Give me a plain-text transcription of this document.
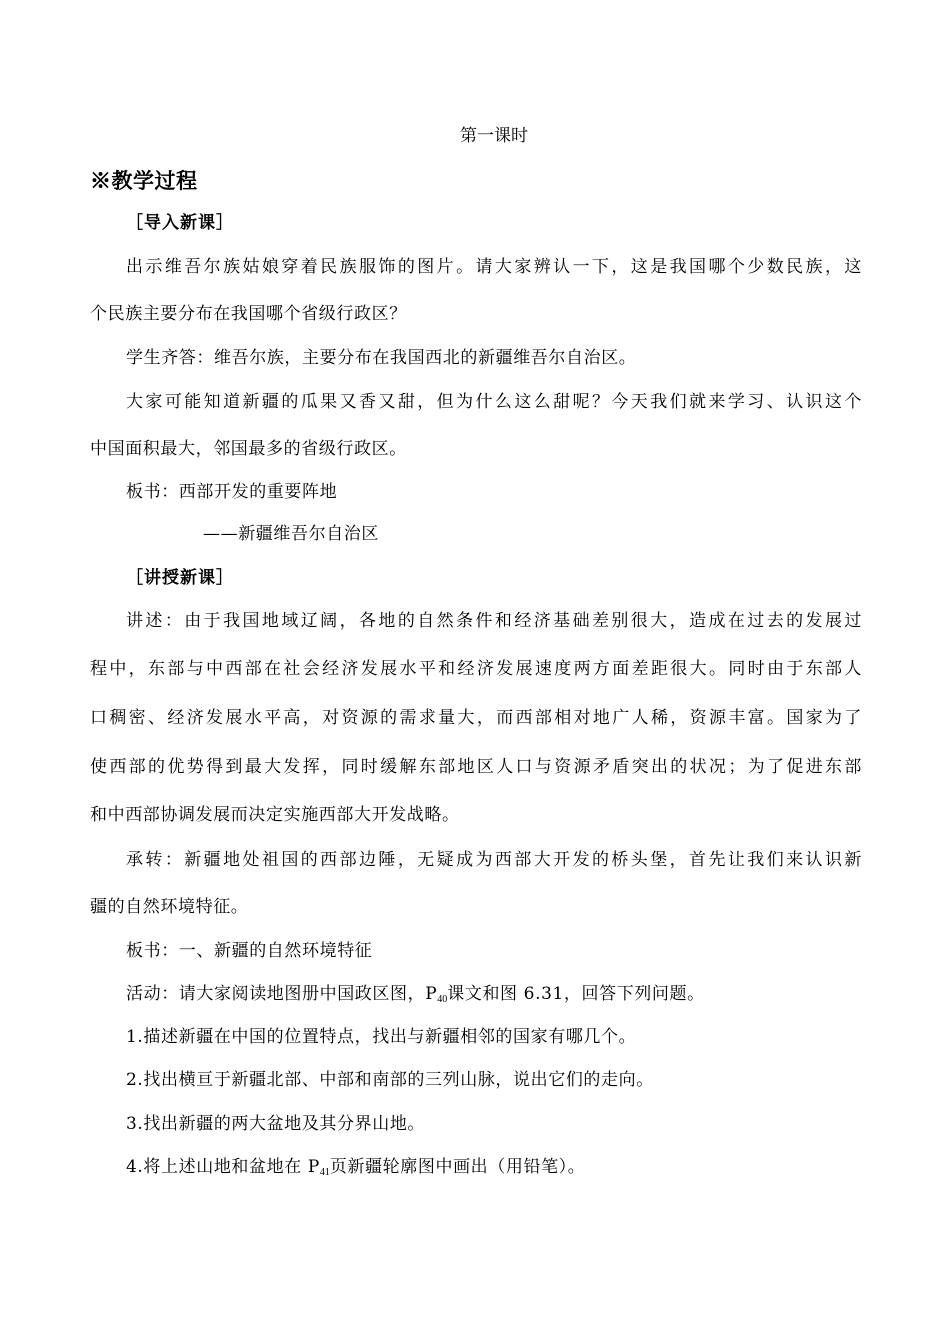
第一课时
※教学过程
［导入新课］
出示维吾尔族姑娘穿着民族服饰的图片。请大家辨认一下，这是我国哪个少数民族，这
个民族主要分布在我国哪个省级行政区？
学生齐答：维吾尔族，主要分布在我国西北的新疆维吾尔自治区。
大家可能知道新疆的瓜果又香又甜，但为什么这么甜呢？今天我们就来学习、认识这个
中国面积最大，邻国最多的省级行政区。
板书：西部开发的重要阵地
——新疆维吾尔自治区
［讲授新课］
讲述：由于我国地域辽阔，各地的自然条件和经济基础差别很大，造成在过去的发展过
程中，东部与中西部在社会经济发展水平和经济发展速度两方面差距很大。同时由于东部人
口稠密、经济发展水平高，对资源的需求量大，而西部相对地广人稀，资源丰富。国家为了
使西部的优势得到最大发挥，同时缓解东部地区人口与资源矛盾突出的状况；为了促进东部
和中西部协调发展而决定实施西部大开发战略。
承转：新疆地处祖国的西部边陲，无疑成为西部大开发的桥头堡，首先让我们来认识新
疆的自然环境特征。
板书：一、新疆的自然环境特征
活动：请大家阅读地图册中国政区图，$P_{40}$课文和图 6.31，回答下列问题。
1.描述新疆在中国的位置特点，找出与新疆相邻的国家有哪几个。
2.找出横亘于新疆北部、中部和南部的三列山脉，说出它们的走向。
3.找出新疆的两大盆地及其分界山地。
4.将上述山地和盆地在 $P_{41}$页新疆轮廓图中画出（用铅笔）。
